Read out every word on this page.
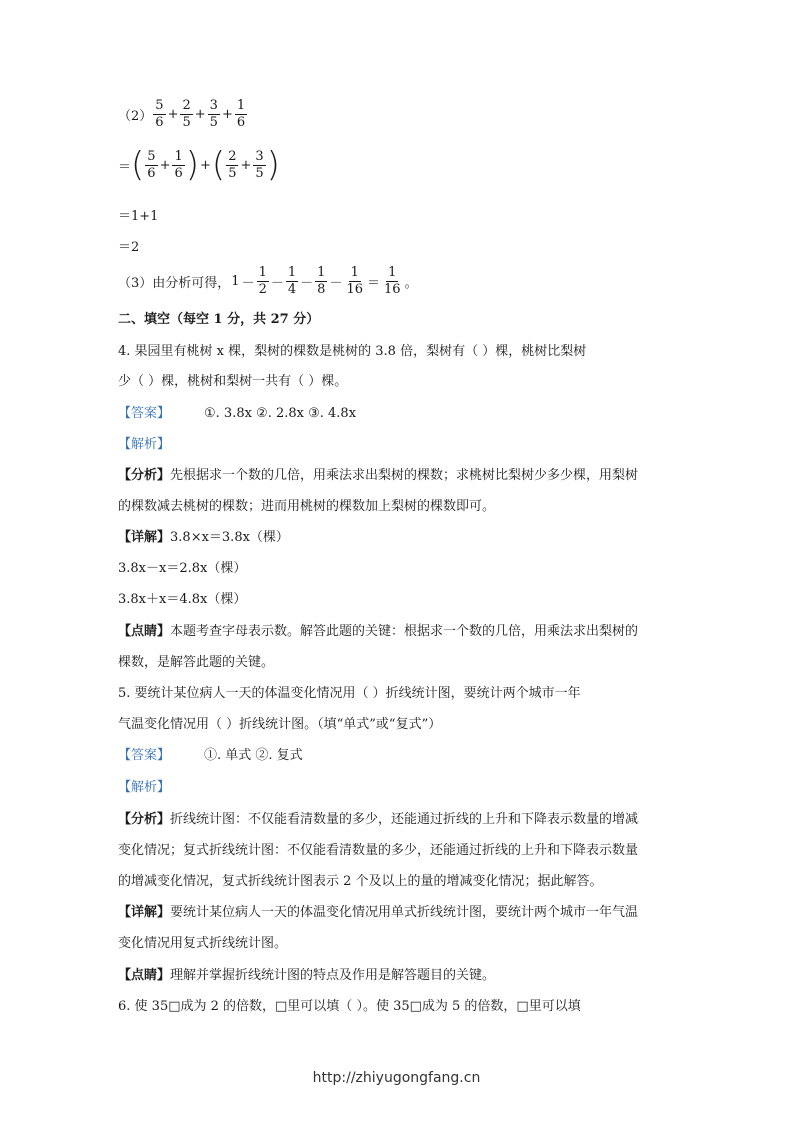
$(2) \frac{5}{6} + \frac{2}{5} + \frac{3}{5} + \frac{1}{6}$
＝ ( $\frac{5}{6} + \frac{1}{6}$ ) + ( $\frac{2}{5} + \frac{3}{5}$ )
＝1+1
＝2
（3）由分析可得， $1 - \frac{1}{2} - \frac{1}{4} - \frac{1}{8} - \frac{1}{16} = \frac{1}{16}$ 。
二、填空（每空 1 分，共 27 分）
4. 果园里有桃树 x 棵，梨树的棵数是桃树的 3.8 倍，梨树有（ ）棵，桃树比梨树
少（ ）棵，桃树和梨树一共有（ ）棵。
【答案】	①. 3.8x ②. 2.8x ③. 4.8x
【解析】
【分析】先根据求一个数的几倍，用乘法求出梨树的棵数；求桃树比梨树少多少棵，用梨树
的棵数减去桃树的棵数；进而用桃树的棵数加上梨树的棵数即可。
【详解】3.8×x＝3.8x（棵）
3.8x－x＝2.8x（棵）
3.8x＋x＝4.8x（棵）
【点睛】本题考查字母表示数。解答此题的关键：根据求一个数的几倍，用乘法求出梨树的
棵数，是解答此题的关键。
5. 要统计某位病人一天的体温变化情况用（ ）折线统计图，要统计两个城市一年
气温变化情况用（ ）折线统计图。（填“单式”或“复式”）
【答案】	①. 单式 ②. 复式
【解析】
【分析】折线统计图：不仅能看清数量的多少，还能通过折线的上升和下降表示数量的增减
变化情况；复式折线统计图：不仅能看清数量的多少，还能通过折线的上升和下降表示数量
的增减变化情况，复式折线统计图表示 2 个及以上的量的增减变化情况；据此解答。
【详解】要统计某位病人一天的体温变化情况用单式折线统计图，要统计两个城市一年气温
变化情况用复式折线统计图。
【点睛】理解并掌握折线统计图的特点及作用是解答题目的关键。
6. 使 35□成为 2 的倍数，□里可以填（ ）。使 35□成为 5 的倍数，□里可以填
http://zhiyugongfang.cn
